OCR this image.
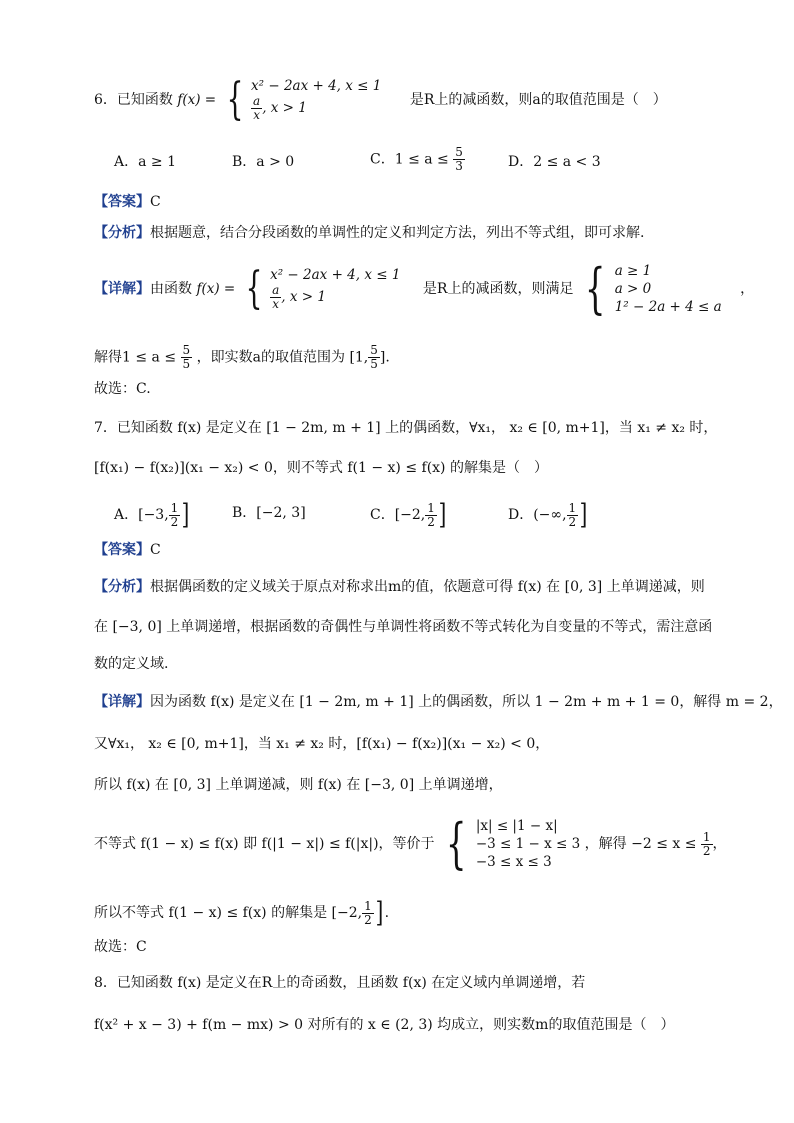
6．已知函数 f(x) = { x² − 2ax + 4, x ≤ 1
$\frac{a}{x}$ , x > 1	是R上的减函数，则a的取值范围是（　）
A．a ≥ 1	B．a > 0	C．$1 \le a \le \frac{5}{3}$	D．2 ≤ a < 3
【答案】C
【分析】根据题意，结合分段函数的单调性的定义和判定方法，列出不等式组，即可求解.
【详解】由函数 f(x) = { x² − 2ax + 4, x ≤ 1
$\frac{a}{x}$ , x > 1	是R上的减函数，则满足 { a ≥ 1
a > 0
1² − 2a + 4 ≤ a
，
解得$1 \le a \le \frac{5}{5}$ ，即实数a的取值范围为 [1, $\frac{5}{5}$ ].
故选：C.
7．已知函数 f(x) 是定义在 [1 − 2m, m + 1] 上的偶函数，∀x₁， x₂ ∈ [0, m+1]，当 x₁ ≠ x₂ 时，
[f(x₁) − f(x₂)](x₁ − x₂) < 0，则不等式 f(1 − x) ≤ f(x) 的解集是（　）
A．[−3, $\frac{1}{2}$ ]	B．[−2, 3]	C．[−2, $\frac{1}{2}$ ]	D．(−∞, $\frac{1}{2}$ ]
【答案】C
【分析】根据偶函数的定义域关于原点对称求出m的值，依题意可得 f(x) 在 [0, 3] 上单调递减，则
在 [−3, 0] 上单调递增，根据函数的奇偶性与单调性将函数不等式转化为自变量的不等式，需注意函
数的定义域.
【详解】因为函数 f(x) 是定义在 [1 − 2m, m + 1] 上的偶函数，所以 1 − 2m + m + 1 = 0，解得 m = 2，
又∀x₁， x₂ ∈ [0, m+1]，当 x₁ ≠ x₂ 时，[f(x₁) − f(x₂)](x₁ − x₂) < 0，
所以 f(x) 在 [0, 3] 上单调递减，则 f(x) 在 [−3, 0] 上单调递增，
不等式 f(1 − x) ≤ f(x) 即 f(|1 − x|) ≤ f(|x|)，等价于 { |x| ≤ |1 − x|
−3 ≤ 1 − x ≤ 3
−3 ≤ x ≤ 3
，解得 $-2 \le x \le \frac{1}{2}$ ，
所以不等式 f(1 − x) ≤ f(x) 的解集是 [−2, $\frac{1}{2}$ ] .
故选：C
8．已知函数 f(x) 是定义在R上的奇函数，且函数 f(x) 在定义域内单调递增，若
f(x² + x − 3) + f(m − mx) > 0 对所有的 x ∈ (2, 3) 均成立，则实数m的取值范围是（　）
